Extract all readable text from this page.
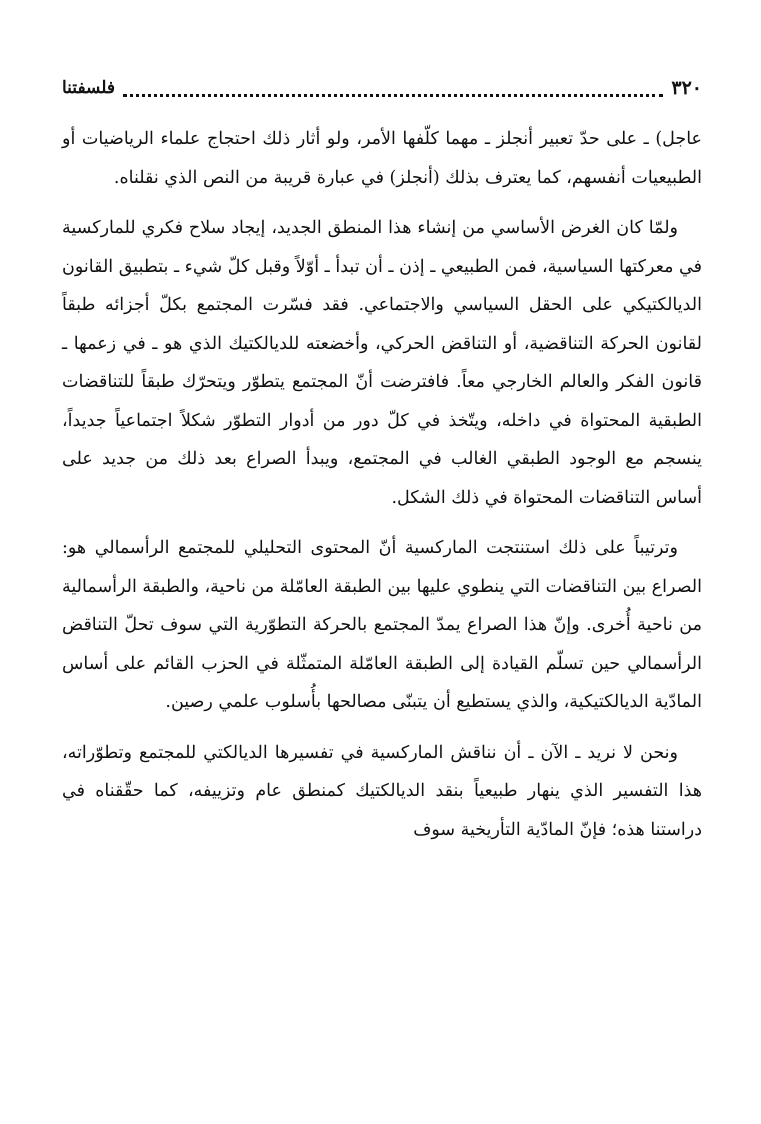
٣٢٠
فلسفتنا

عاجل) ـ على حدّ تعبير أنجلز ـ مهما كلّفها الأمر، ولو أثار ذلك احتجاج علماء الرياضيات أو الطبيعيات أنفسهم، كما يعترف بذلك (أنجلز) في عبارة قريبة من النص الذي نقلناه.

ولمّا كان الغرض الأساسي من إنشاء هذا المنطق الجديد، إيجاد سلاح فكري للماركسية في معركتها السياسية، فمن الطبيعي ـ إذن ـ أن تبدأ ـ أوّلاً وقبل كلّ شيء ـ بتطبيق القانون الديالكتيكي على الحقل السياسي والاجتماعي. فقد فسّرت المجتمع بكلّ أجزائه طبقاً لقانون الحركة التناقضية، أو التناقض الحركي، وأخضعته للديالكتيك الذي هو ـ في زعمها ـ قانون الفكر والعالم الخارجي معاً. فافترضت أنّ المجتمع يتطوّر ويتحرّك طبقاً للتناقضات الطبقية المحتواة في داخله، ويتّخذ في كلّ دور من أدوار التطوّر شكلاً اجتماعياً جديداً، ينسجم مع الوجود الطبقي الغالب في المجتمع، ويبدأ الصراع بعد ذلك من جديد على أساس التناقضات المحتواة في ذلك الشكل.

وترتيباً على ذلك استنتجت الماركسية أنّ المحتوى التحليلي للمجتمع الرأسمالي هو: الصراع بين التناقضات التي ينطوي عليها بين الطبقة العامّلة من ناحية، والطبقة الرأسمالية من ناحية أُخرى. وإنّ هذا الصراع يمدّ المجتمع بالحركة التطوّرية التي سوف تحلّ التناقض الرأسمالي حين تسلّم القيادة إلى الطبقة العامّلة المتمثّلة في الحزب القائم على أساس المادّية الديالكتيكية، والذي يستطيع أن يتبنّى مصالحها بأُسلوب علمي رصين.

ونحن لا نريد ـ الآن ـ أن نناقش الماركسية في تفسيرها الديالكتي للمجتمع وتطوّراته، هذا التفسير الذي ينهار طبيعياً بنقد الديالكتيك كمنطق عام وتزييفه، كما حقّقناه في دراستنا هذه؛ فإنّ المادّية التأريخية سوف
